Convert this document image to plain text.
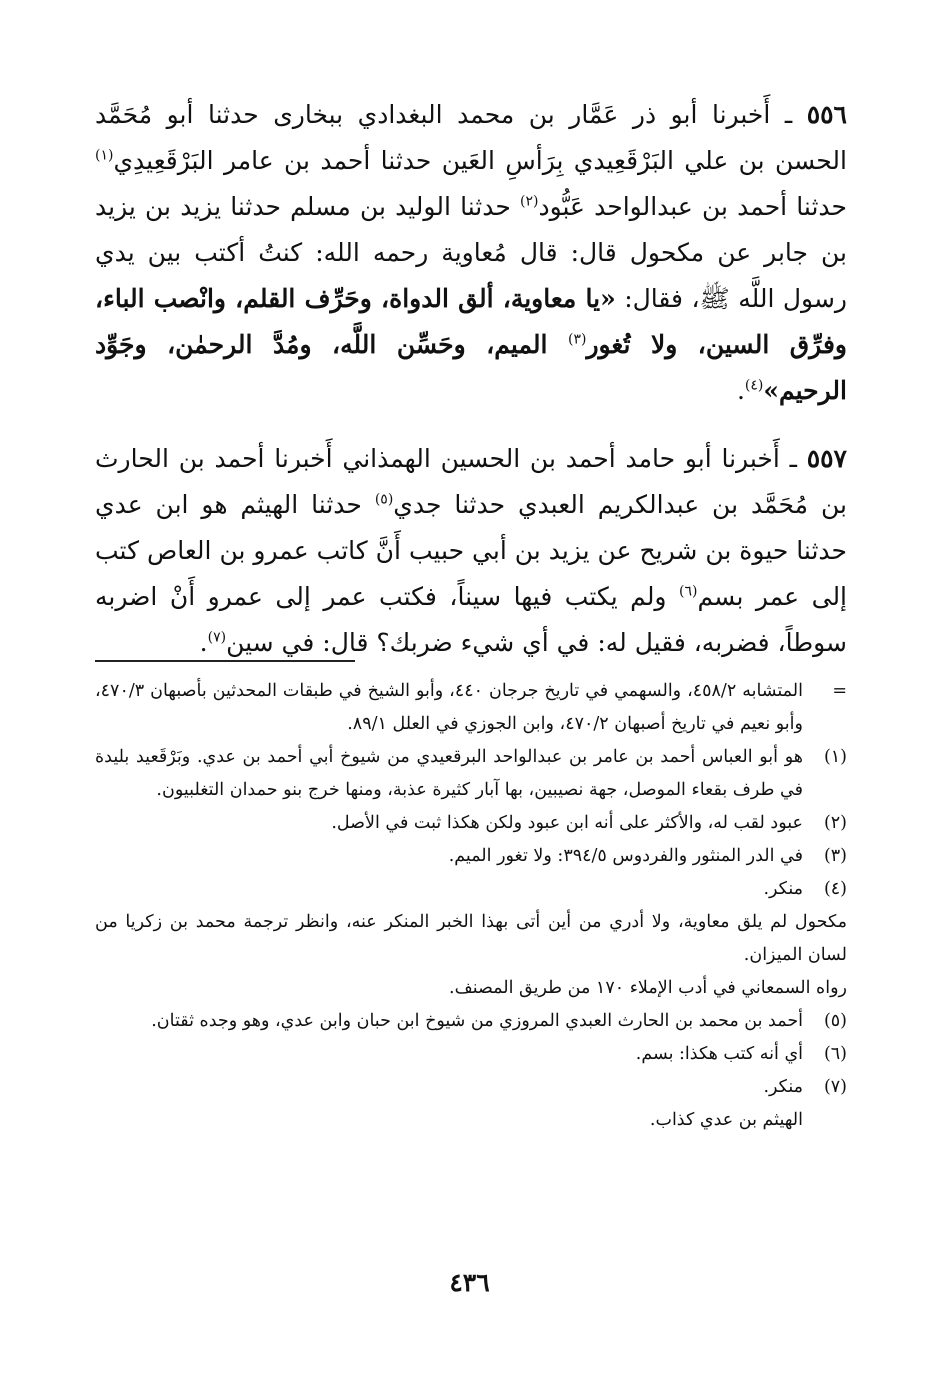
٥٥٦ ـ أَخبرنا أبو ذر عَمَّار بن محمد البغدادي ببخارى حدثنا أبو مُحَمَّد الحسن بن علي البَرْقَعِيدي بِرَأسِ العَين حدثنا أحمد بن عامر البَرْقَعِيدِي$^{(١)}$ حدثنا أحمد بن عبدالواحد عَبُّود$^{(٢)}$ حدثنا الوليد بن مسلم حدثنا يزيد بن يزيد بن جابر عن مكحول قال: قال مُعاوية رحمه الله: كنتُ أكتب بين يدي رسول اللَّه ﷺ، فقال: «يا معاوية، ألق الدواة، وحَرِّف القلم، وانْصب الباء، وفرِّق السين، ولا تُغور$^{(٣)}$ الميم، وحَسِّن اللَّه، ومُدَّ الرحمٰن، وجَوِّد الرحيم»$^{(٤)}$.

٥٥٧ ـ أَخبرنا أبو حامد أحمد بن الحسين الهمذاني أَخبرنا أحمد بن الحارث بن مُحَمَّد بن عبدالكريم العبدي حدثنا جدي$^{(٥)}$ حدثنا الهيثم هو ابن عدي حدثنا حيوة بن شريح عن يزيد بن أبي حبيب أَنَّ كاتب عمرو بن العاص كتب إلى عمر بسم$^{(٦)}$ ولم يكتب فيها سيناً، فكتب عمر إلى عمرو أَنْ اضربه سوطاً، فضربه، فقيل له: في أي شيء ضربك؟ قال: في سين$^{(٧)}$.

=
المتشابه ٤٥٨/٢، والسهمي في تاريخ جرجان ٤٤٠، وأبو الشيخ في طبقات المحدثين بأصبهان ٤٧٠/٣، وأبو نعيم في تاريخ أصبهان ٤٧٠/٢، وابن الجوزي في العلل ٨٩/١.
(١)
هو أبو العباس أحمد بن عامر بن عبدالواحد البرقعيدي من شيوخ أبي أحمد بن عدي. وبَرْقَعيد بليدة في طرف بقعاء الموصل، جهة نصيبين، بها آبار كثيرة عذبة، ومنها خرج بنو حمدان التغلبيون.
(٢)
عبود لقب له، والأكثر على أنه ابن عبود ولكن هكذا ثبت في الأصل.
(٣)
في الدر المنثور والفردوس ٣٩٤/٥: ولا تغور الميم.
(٤)
منكر.
مكحول لم يلق معاوية، ولا أدري من أين أتى بهذا الخبر المنكر عنه، وانظر ترجمة محمد بن زكريا من لسان الميزان.
رواه السمعاني في أدب الإملاء ١٧٠ من طريق المصنف.
(٥)
أحمد بن محمد بن الحارث العبدي المروزي من شيوخ ابن حبان وابن عدي، وهو وجده ثقتان.
(٦)
أي أنه كتب هكذا: بسم.
(٧)
منكر.
الهيثم بن عدي كذاب.
٤٣٦
